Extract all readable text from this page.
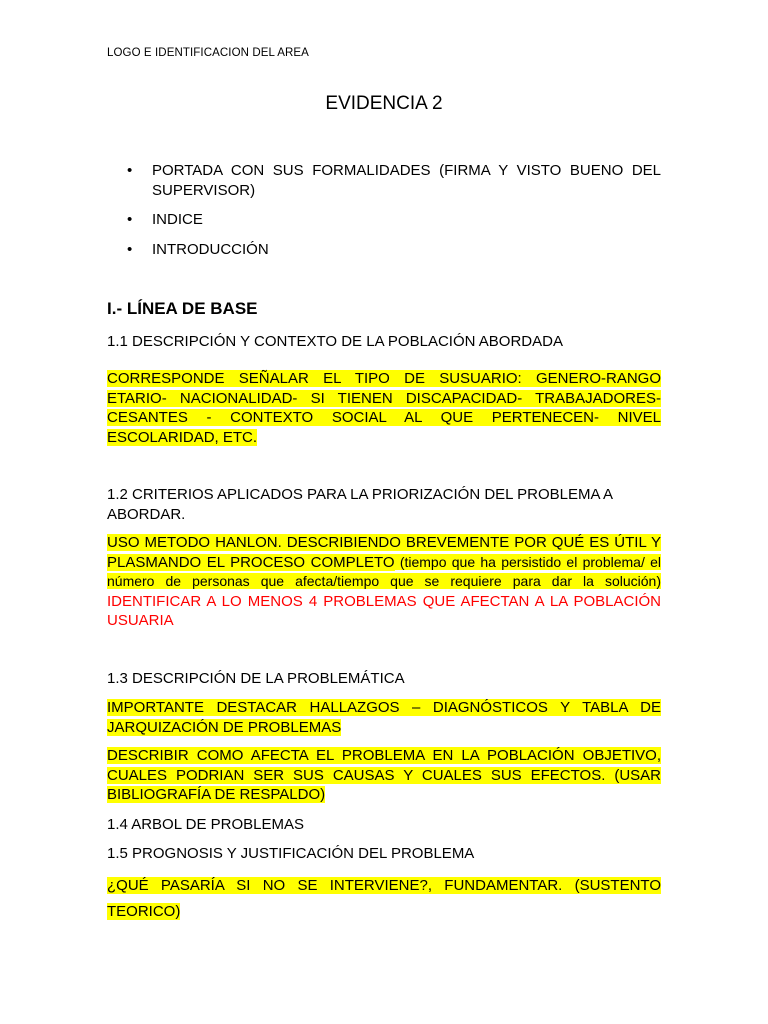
LOGO E IDENTIFICACION DEL AREA
EVIDENCIA 2
• PORTADA CON SUS FORMALIDADES (FIRMA Y VISTO BUENO DEL SUPERVISOR)
• INDICE
• INTRODUCCIÓN
I.- LÍNEA DE BASE
1.1 DESCRIPCIÓN Y CONTEXTO DE LA POBLACIÓN ABORDADA
CORRESPONDE SEÑALAR EL TIPO DE SUSUARIO: GENERO-RANGO ETARIO- NACIONALIDAD- SI TIENEN DISCAPACIDAD- TRABAJADORES- CESANTES - CONTEXTO SOCIAL AL QUE PERTENECEN- NIVEL ESCOLARIDAD, ETC.
1.2 CRITERIOS APLICADOS PARA LA PRIORIZACIÓN DEL PROBLEMA A ABORDAR.
USO METODO HANLON. DESCRIBIENDO BREVEMENTE POR QUÉ ES ÚTIL Y PLASMANDO EL PROCESO COMPLETO (tiempo que ha persistido el problema/ el número de personas que afecta/tiempo que se requiere para dar la solución) IDENTIFICAR A LO MENOS 4 PROBLEMAS QUE AFECTAN A LA POBLACIÓN USUARIA
1.3 DESCRIPCIÓN DE LA PROBLEMÁTICA
IMPORTANTE DESTACAR HALLAZGOS – DIAGNÓSTICOS Y TABLA DE JARQUIZACIÓN DE PROBLEMAS
DESCRIBIR COMO AFECTA EL PROBLEMA EN LA POBLACIÓN OBJETIVO, CUALES PODRIAN SER SUS CAUSAS Y CUALES SUS EFECTOS. (USAR BIBLIOGRAFÍA DE RESPALDO)
1.4 ARBOL DE PROBLEMAS
1.5 PROGNOSIS Y JUSTIFICACIÓN DEL PROBLEMA
¿QUÉ PASARÍA SI NO SE INTERVIENE?, FUNDAMENTAR. (SUSTENTO TEORICO)
